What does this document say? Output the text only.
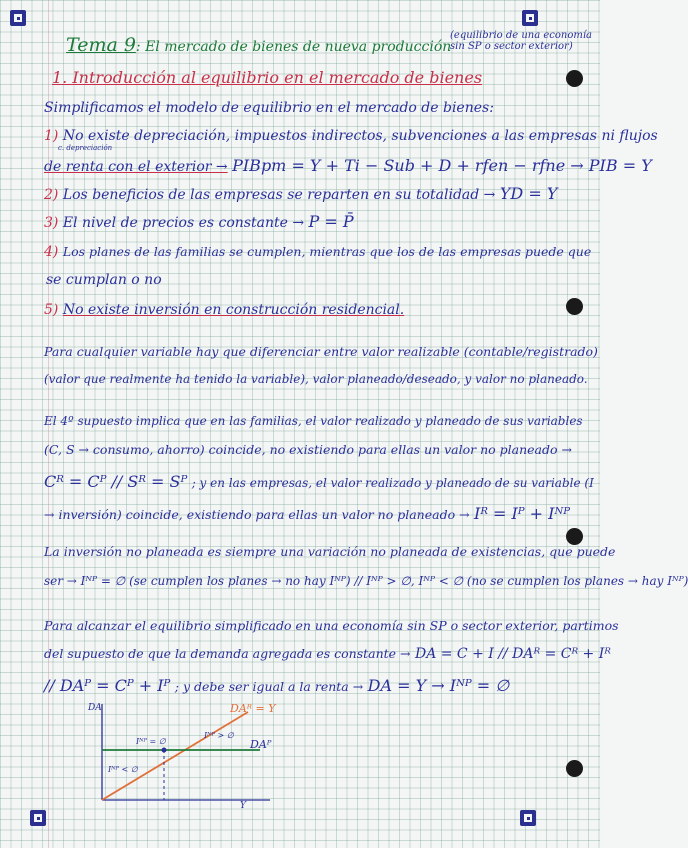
Tema 9: El mercado de bienes de nueva producción
(equilibrio de una economía
sin SP o sector exterior)
1. Introducción al equilibrio en el mercado de bienes
Simplificamos el modelo de equilibrio en el mercado de bienes:
1) No existe depreciación, impuestos indirectos, subvenciones a las empresas ni flujos
c. depreciación
de renta con el exterior → PIBpm = Y + Ti − Sub + D + rfen − rfne → PIB = Y
2) Los beneficios de las empresas se reparten en su totalidad → YD = Y
3) El nivel de precios es constante → P = P̄
4) Los planes de las familias se cumplen, mientras que los de las empresas puede que
se cumplan o no
5) No existe inversión en construcción residencial.
Para cualquier variable hay que diferenciar entre valor realizable (contable/registrado)
(valor que realmente ha tenido la variable), valor planeado/deseado, y valor no planeado.
El 4º supuesto implica que en las familias, el valor realizado y planeado de sus variables
(C, S → consumo, ahorro) coincide, no existiendo para ellas un valor no planeado →
Cᴿ = Cᴾ // Sᴿ = Sᴾ ; y en las empresas, el valor realizado y planeado de su variable (I
→ inversión) coincide, existiendo para ellas un valor no planeado → Iᴿ = Iᴾ + Iᴺᴾ
La inversión no planeada es siempre una variación no planeada de existencias, que puede
ser → Iᴺᴾ = ∅ (se cumplen los planes → no hay Iᴺᴾ) // Iᴺᴾ > ∅, Iᴺᴾ < ∅ (no se cumplen los planes → hay Iᴺᴾ)
Para alcanzar el equilibrio simplificado en una economía sin SP o sector exterior, partimos
del supuesto de que la demanda agregada es constante → DA = C + I // DAᴿ = Cᴿ + Iᴿ
// DAᴾ = Cᴾ + Iᴾ ; y debe ser igual a la renta → DA = Y → Iᴺᴾ = ∅
DA
Y
DAᴿ = Y
DAᴾ
Iᴺᴾ > ∅
Iᴺᴾ = ∅
Iᴺᴾ < ∅
